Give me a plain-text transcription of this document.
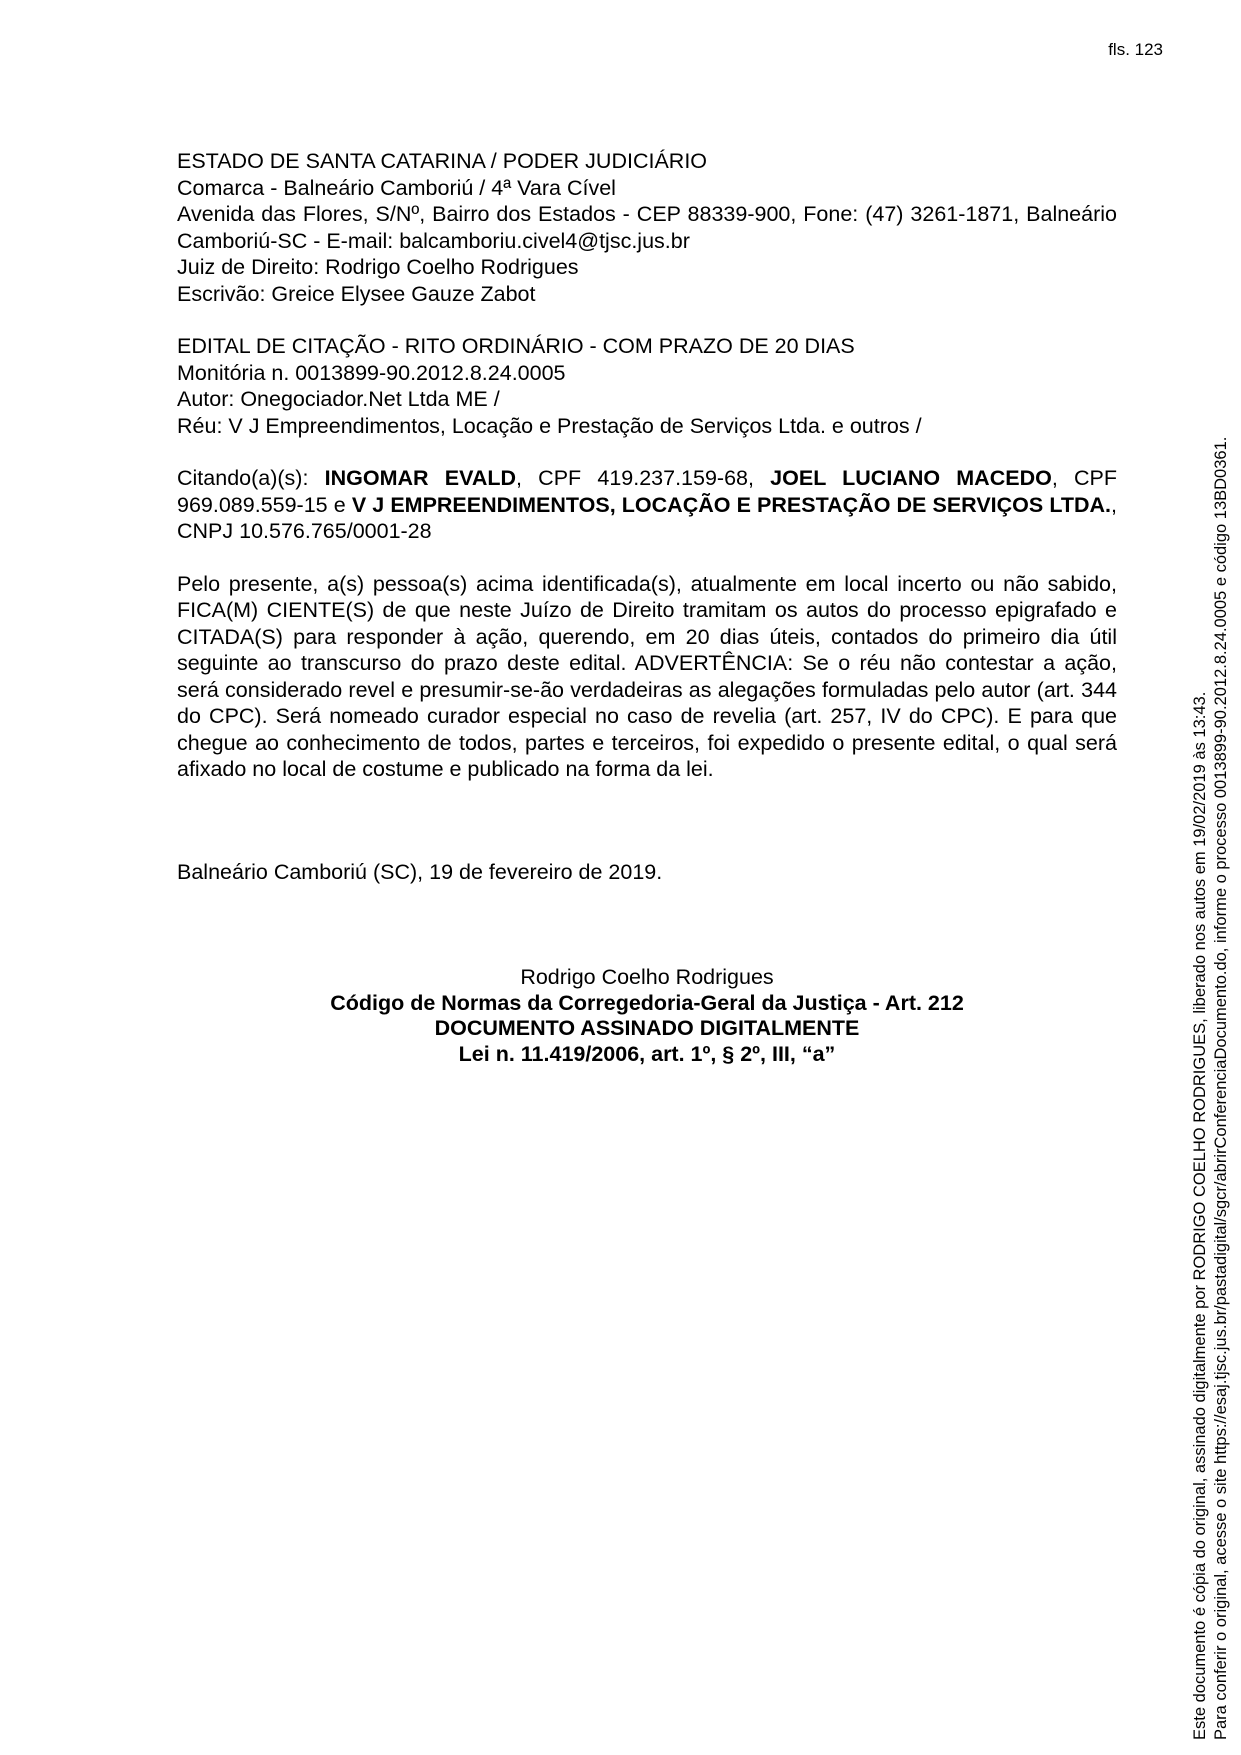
fls. 123
ESTADO DE SANTA CATARINA / PODER JUDICIÁRIO
Comarca - Balneário Camboriú / 4ª Vara Cível
Avenida das Flores, S/Nº, Bairro dos Estados - CEP 88339-900, Fone: (47) 3261-1871, Balneário Camboriú-SC - E-mail: balcamboriu.civel4@tjsc.jus.br
Juiz de Direito: Rodrigo Coelho Rodrigues
Escrivão: Greice Elysee Gauze Zabot
EDITAL DE CITAÇÃO - RITO ORDINÁRIO - COM PRAZO DE 20 DIAS
Monitória n. 0013899-90.2012.8.24.0005
Autor: Onegociador.Net Ltda ME /
Réu: V J Empreendimentos, Locação e Prestação de Serviços Ltda. e outros /
Citando(a)(s): INGOMAR EVALD, CPF 419.237.159-68, JOEL LUCIANO MACEDO, CPF 969.089.559-15 e V J EMPREENDIMENTOS, LOCAÇÃO E PRESTAÇÃO DE SERVIÇOS LTDA., CNPJ 10.576.765/0001-28
Pelo presente, a(s) pessoa(s) acima identificada(s), atualmente em local incerto ou não sabido, FICA(M) CIENTE(S) de que neste Juízo de Direito tramitam os autos do processo epigrafado e CITADA(S) para responder à ação, querendo, em 20 dias úteis, contados do primeiro dia útil seguinte ao transcurso do prazo deste edital. ADVERTÊNCIA: Se o réu não contestar a ação, será considerado revel e presumir-se-ão verdadeiras as alegações formuladas pelo autor (art. 344 do CPC). Será nomeado curador especial no caso de revelia (art. 257, IV do CPC). E para que chegue ao conhecimento de todos, partes e terceiros, foi expedido o presente edital, o qual será afixado no local de costume e publicado na forma da lei.
Balneário Camboriú (SC), 19 de fevereiro de 2019.
Rodrigo Coelho Rodrigues
Código de Normas da Corregedoria-Geral da Justiça - Art. 212
DOCUMENTO ASSINADO DIGITALMENTE
Lei n. 11.419/2006, art. 1º, § 2º, III, “a”	Este documento é cópia do original, assinado digitalmente por RODRIGO COELHO RODRIGUES, liberado nos autos em 19/02/2019 às 13:43. Para conferir o original, acesse o site https://esaj.tjsc.jus.br/pastadigital/sgcr/abrirConferenciaDocumento.do, informe o processo 0013899-90.2012.8.24.0005 e código 13BD0361.
